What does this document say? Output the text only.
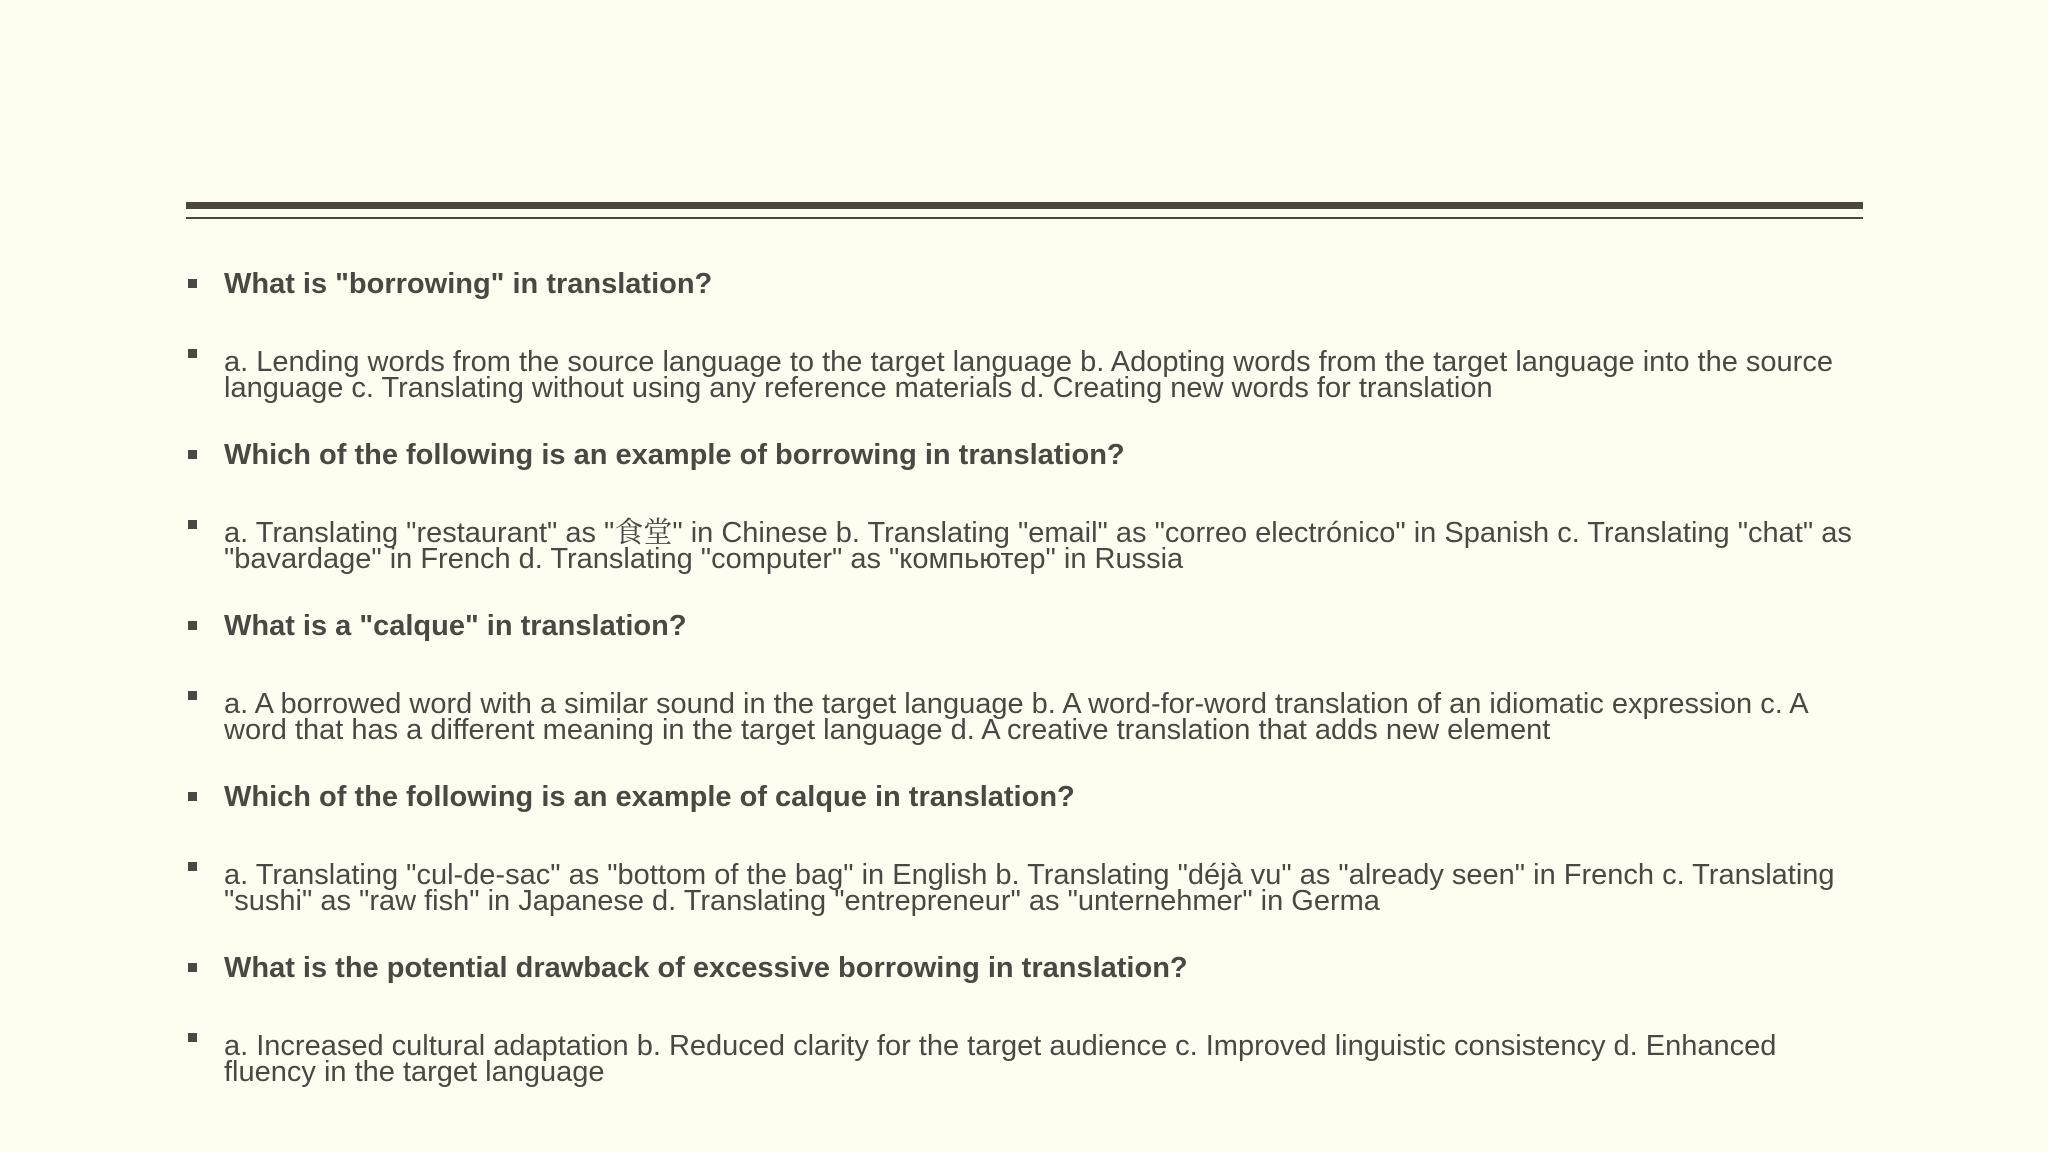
What is "borrowing" in translation?
a. Lending words from the source language to the target language b. Adopting words from the target language into the source language c. Translating without using any reference materials d. Creating new words for translation
Which of the following is an example of borrowing in translation?
a. Translating "restaurant" as "食堂" in Chinese b. Translating "email" as "correo electrónico" in Spanish c. Translating "chat" as "bavardage" in French d. Translating "computer" as "компьютер" in Russia
What is a "calque" in translation?
a. A borrowed word with a similar sound in the target language b. A word-for-word translation of an idiomatic expression c. A word that has a different meaning in the target language d. A creative translation that adds new element
Which of the following is an example of calque in translation?
a. Translating "cul-de-sac" as "bottom of the bag" in English b. Translating "déjà vu" as "already seen" in French c. Translating "sushi" as "raw fish" in Japanese d. Translating "entrepreneur" as "unternehmer" in Germa
What is the potential drawback of excessive borrowing in translation?
a. Increased cultural adaptation b. Reduced clarity for the target audience c. Improved linguistic consistency d. Enhanced fluency in the target language
